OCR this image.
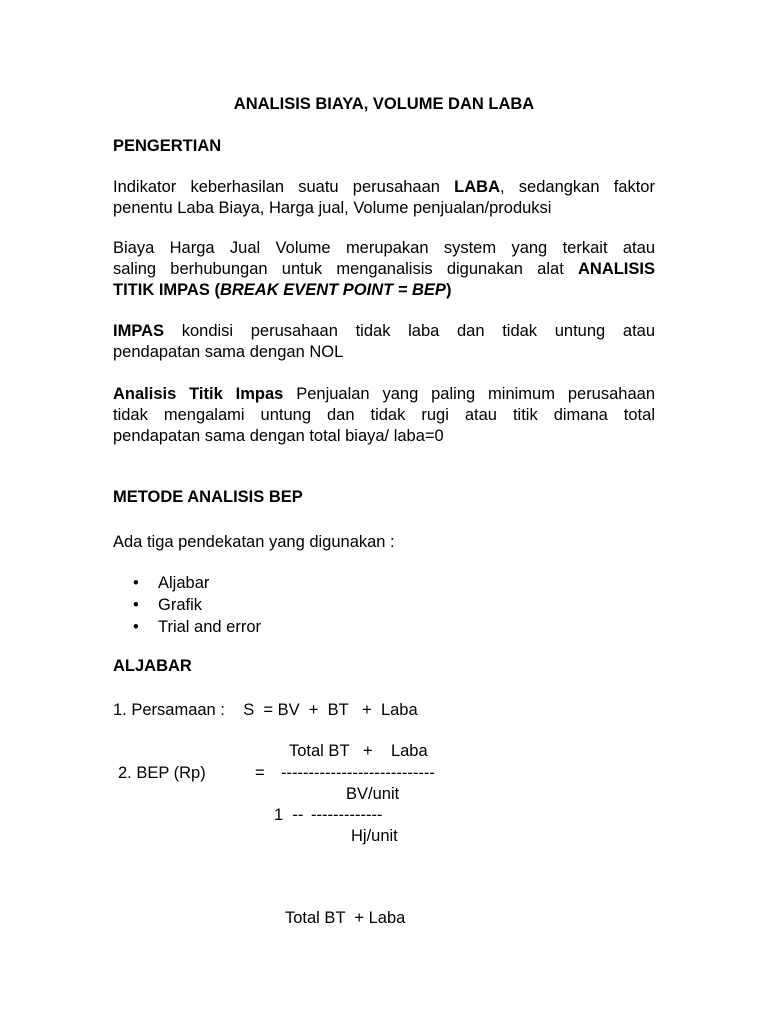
ANALISIS BIAYA, VOLUME DAN LABA
PENGERTIAN
Indikator keberhasilan suatu perusahaan LABA, sedangkan faktor
penentu Laba Biaya, Harga jual, Volume penjualan/produksi
Biaya Harga Jual Volume merupakan system yang terkait atau
saling berhubungan untuk menganalisis digunakan alat ANALISIS
TITIK IMPAS (BREAK EVENT POINT = BEP)
IMPAS kondisi perusahaan tidak laba dan tidak untung atau
pendapatan sama dengan NOL
Analisis Titik Impas Penjualan yang paling minimum perusahaan
tidak mengalami untung dan tidak rugi atau titik dimana total
pendapatan sama dengan total biaya/ laba=0
METODE ANALISIS BEP
Ada tiga pendekatan yang digunakan :
• Aljabar
• Grafik
• Trial and error
ALJABAR
1. Persamaan :    S  = BV  +  BT   +  Laba
Total BT   +    Laba
2. BEP (Rp)	= ----------------------------
BV/unit
1  -- -------------
Hj/unit
Total BT  + Laba
